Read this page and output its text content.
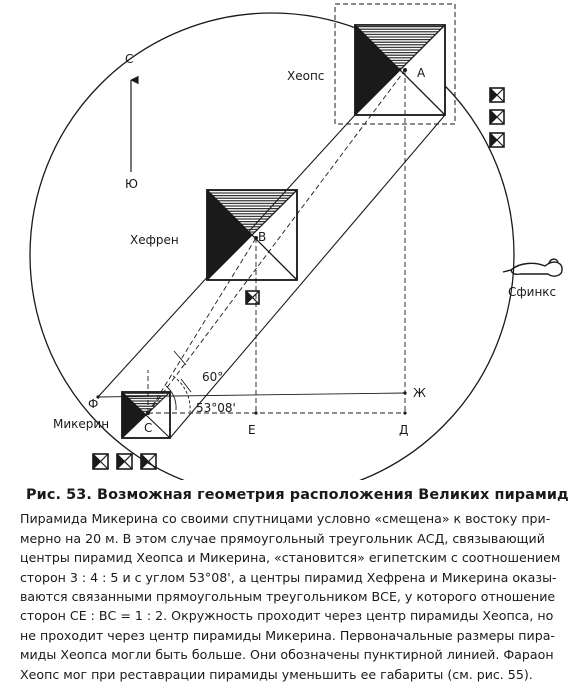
С
Ю
Сфинкс
Хеопс
Хефрен
Микерин
А
В
С	Д
Е
Ф
Ж
60°
53°08'
Рис. 53. Возможная геометрия расположения Великих пирамид
Пирамида Микерина со своими спутницами условно «смещена» к востоку при-
мерно на 20 м. В этом случае прямоугольный треугольник АСД, связывающий
центры пирамид Хеопса и Микерина, «становится» египетским с соотношением
сторон 3 : 4 : 5 и с углом 53°08', а центры пирамид Хефрена и Микерина оказы-
ваются связанными прямоугольным треугольником ВСЕ, у которого отношение
сторон СЕ : ВС = 1 : 2. Окружность проходит через центр пирамиды Хеопса, но
не проходит через центр пирамиды Микерина. Первоначальные размеры пира-
миды Хеопса могли быть больше. Они обозначены пунктирной линией. Фараон
Хеопс мог при реставрации пирамиды уменьшить ее габариты (см. рис. 55).
